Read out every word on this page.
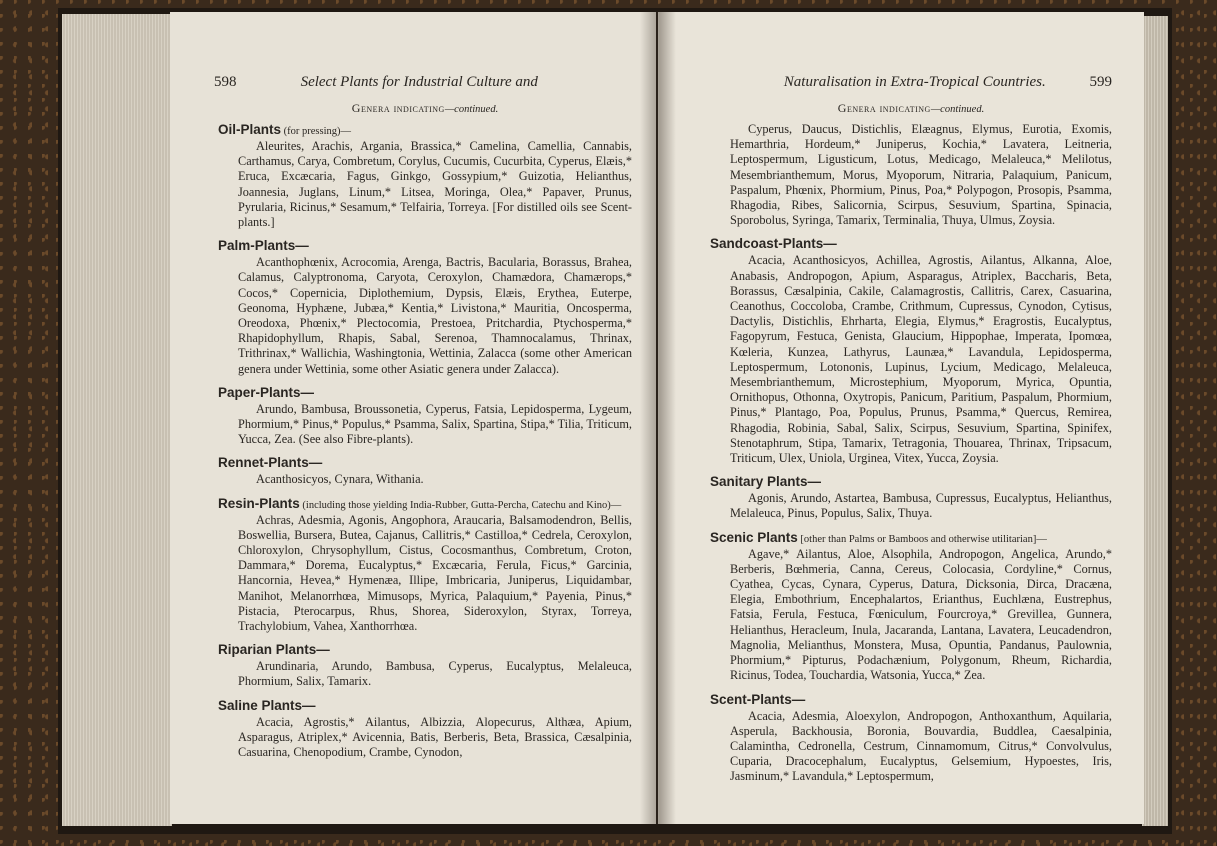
598	Select Plants for Industrial Culture and
Genera indicating—continued.
Oil-Plants (for pressing)—

Aleurites, Arachis, Argania, Brassica,* Camelina, Camellia, Cannabis, Carthamus, Carya, Combretum, Corylus, Cucumis, Cucurbita, Cyperus, Elæis,* Eruca, Excæcaria, Fagus, Ginkgo, Gossypium,* Guizotia, Helianthus, Joannesia, Juglans, Linum,* Litsea, Moringa, Olea,* Papaver, Prunus, Pyrularia, Ricinus,* Sesamum,* Telfairia, Torreya. [For distilled oils see Scent-plants.]

Palm-Plants—

Acanthophœnix, Acrocomia, Arenga, Bactris, Bacularia, Borassus, Brahea, Calamus, Calyptronoma, Caryota, Ceroxylon, Chamædora, Chamærops,* Cocos,* Copernicia, Diplothemium, Dypsis, Elæis, Erythea, Euterpe, Geonoma, Hyphæne, Jubæa,* Kentia,* Livistona,* Mauritia, Oncosperma, Oreodoxa, Phœnix,* Plectocomia, Prestoea, Pritchardia, Ptychosperma,* Rhapidophyllum, Rhapis, Sabal, Serenoa, Thamnocalamus, Thrinax, Trithrinax,* Wallichia, Washingtonia, Wettinia, Zalacca (some other American genera under Wettinia, some other Asiatic genera under Zalacca).

Paper-Plants—

Arundo, Bambusa, Broussonetia, Cyperus, Fatsia, Lepidosperma, Lygeum, Phormium,* Pinus,* Populus,* Psamma, Salix, Spartina, Stipa,* Tilia, Triticum, Yucca, Zea. (See also Fibre-plants).

Rennet-Plants—

Acanthosicyos, Cynara, Withania.

Resin-Plants (including those yielding India-Rubber, Gutta-Percha, Catechu and Kino)—

Achras, Adesmia, Agonis, Angophora, Araucaria, Balsamodendron, Bellis, Boswellia, Bursera, Butea, Cajanus, Callitris,* Castilloa,* Cedrela, Ceroxylon, Chloroxylon, Chrysophyllum, Cistus, Cocosmanthus, Combretum, Croton, Dammara,* Dorema, Eucalyptus,* Excæcaria, Ferula, Ficus,* Garcinia, Hancornia, Hevea,* Hymenæa, Illipe, Imbricaria, Juniperus, Liquidambar, Manihot, Melanorrhœa, Mimusops, Myrica, Palaquium,* Payenia, Pinus,* Pistacia, Pterocarpus, Rhus, Shorea, Sideroxylon, Styrax, Torreya, Trachylobium, Vahea, Xanthorrhœa.

Riparian Plants—

Arundinaria, Arundo, Bambusa, Cyperus, Eucalyptus, Melaleuca, Phormium, Salix, Tamarix.

Saline Plants—

Acacia, Agrostis,* Ailantus, Albizzia, Alopecurus, Althæa, Apium, Asparagus, Atriplex,* Avicennia, Batis, Berberis, Beta, Brassica, Cæsalpinia, Casuarina, Chenopodium, Crambe, Cynodon,

Naturalisation in Extra-Tropical Countries.	599
Genera indicating—continued.

Cyperus, Daucus, Distichlis, Elæagnus, Elymus, Eurotia, Exomis, Hemarthria, Hordeum,* Juniperus, Kochia,* Lavatera, Leitneria, Leptospermum, Ligusticum, Lotus, Medicago, Melaleuca,* Melilotus, Mesembrianthemum, Morus, Myoporum, Nitraria, Palaquium, Panicum, Paspalum, Phœnix, Phormium, Pinus, Poa,* Polypogon, Prosopis, Psamma, Rhagodia, Ribes, Salicornia, Scirpus, Sesuvium, Spartina, Spinacia, Sporobolus, Syringa, Tamarix, Terminalia, Thuya, Ulmus, Zoysia.

Sandcoast-Plants—

Acacia, Acanthosicyos, Achillea, Agrostis, Ailantus, Alkanna, Aloe, Anabasis, Andropogon, Apium, Asparagus, Atriplex, Baccharis, Beta, Borassus, Cæsalpinia, Cakile, Calamagrostis, Callitris, Carex, Casuarina, Ceanothus, Coccoloba, Crambe, Crithmum, Cupressus, Cynodon, Cytisus, Dactylis, Distichlis, Ehrharta, Elegia, Elymus,* Eragrostis, Eucalyptus, Fagopyrum, Festuca, Genista, Glaucium, Hippophae, Imperata, Ipomœa, Kœleria, Kunzea, Lathyrus, Launæa,* Lavandula, Lepidosperma, Leptospermum, Lotononis, Lupinus, Lycium, Medicago, Melaleuca, Mesembrianthemum, Microstephium, Myoporum, Myrica, Opuntia, Ornithopus, Othonna, Oxytropis, Panicum, Paritium, Paspalum, Phormium, Pinus,* Plantago, Poa, Populus, Prunus, Psamma,* Quercus, Remirea, Rhagodia, Robinia, Sabal, Salix, Scirpus, Sesuvium, Spartina, Spinifex, Stenotaphrum, Stipa, Tamarix, Tetragonia, Thouarea, Thrinax, Tripsacum, Triticum, Ulex, Uniola, Urginea, Vitex, Yucca, Zoysia.

Sanitary Plants—

Agonis, Arundo, Astartea, Bambusa, Cupressus, Eucalyptus, Helianthus, Melaleuca, Pinus, Populus, Salix, Thuya.

Scenic Plants [other than Palms or Bamboos and otherwise utilitarian]—

Agave,* Ailantus, Aloe, Alsophila, Andropogon, Angelica, Arundo,* Berberis, Bœhmeria, Canna, Cereus, Colocasia, Cordyline,* Cornus, Cyathea, Cycas, Cynara, Cyperus, Datura, Dicksonia, Dirca, Dracæna, Elegia, Embothrium, Encephalartos, Erianthus, Euchlæna, Eustrephus, Fatsia, Ferula, Festuca, Fœniculum, Fourcroya,* Grevillea, Gunnera, Helianthus, Heracleum, Inula, Jacaranda, Lantana, Lavatera, Leucadendron, Magnolia, Melianthus, Monstera, Musa, Opuntia, Pandanus, Paulownia, Phormium,* Pipturus, Podachænium, Polygonum, Rheum, Richardia, Ricinus, Todea, Touchardia, Watsonia, Yucca,* Zea.

Scent-Plants—

Acacia, Adesmia, Aloexylon, Andropogon, Anthoxanthum, Aquilaria, Asperula, Backhousia, Boronia, Bouvardia, Buddlea, Caesalpinia, Calamintha, Cedronella, Cestrum, Cinnamomum, Citrus,* Convolvulus, Cuparia, Dracocephalum, Eucalyptus, Gelsemium, Hypoestes, Iris, Jasminum,* Lavandula,* Leptospermum,
